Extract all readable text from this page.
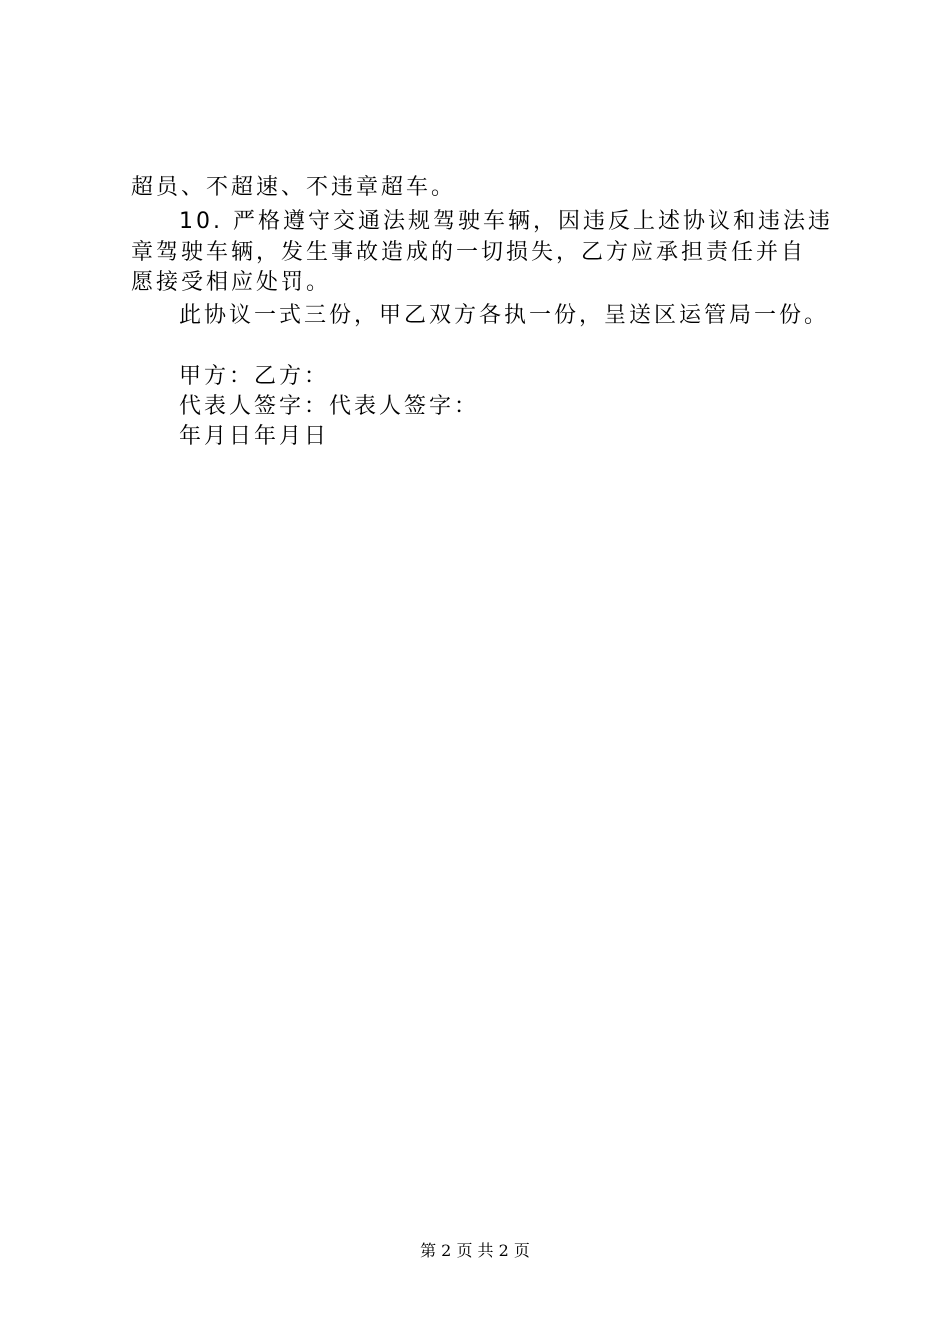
超员、不超速、不违章超车。
10. 严格遵守交通法规驾驶车辆，因违反上述协议和违法违
章驾驶车辆，发生事故造成的一切损失，乙方应承担责任并自
愿接受相应处罚。
此协议一式三份，甲乙双方各执一份，呈送区运管局一份。
甲方：乙方：
代表人签字：代表人签字：
年月日年月日
第 2 页 共 2 页
